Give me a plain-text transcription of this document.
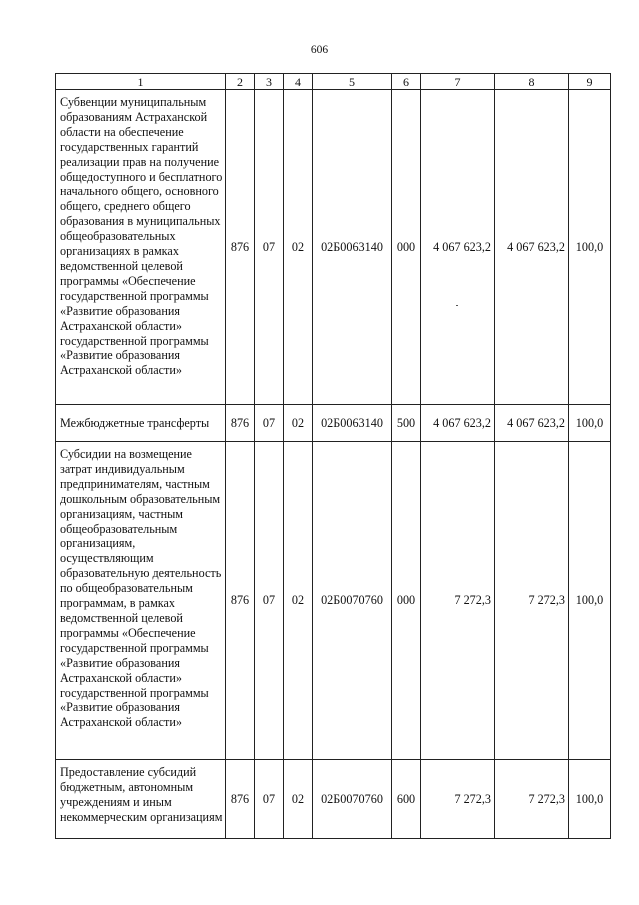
606
1	2	3	4	5	6	7	8	9
Субвенции муниципальным образованиям Астраханской области на обеспечение государственных гарантий реализации прав на получение общедоступного и бесплатного начального общего, основного общего, среднего общего образования в муниципальных общеобразовательных организациях в рамках ведомственной целевой программы «Обеспечение государственной программы «Развитие образования Астраханской области» государственной программы «Развитие образования Астраханской области»	876	07	02	02Б0063140	000	4 067 623,2	4 067 623,2	100,0
Межбюджетные трансферты	876	07	02	02Б0063140	500	4 067 623,2	4 067 623,2	100,0
Субсидии на возмещение затрат индивидуальным предпринимателям, частным дошкольным образовательным организациям, частным общеобразовательным организациям, осуществляющим образовательную деятельность по общеобразовательным программам, в рамках ведомственной целевой программы «Обеспечение государственной программы «Развитие образования Астраханской области» государственной программы «Развитие образования Астраханской области»	876	07	02	02Б0070760	000	7 272,3	7 272,3	100,0
Предоставление субсидий бюджетным, автономным учреждениям и иным некоммерческим организациям	876	07	02	02Б0070760	600	7 272,3	7 272,3	100,0
